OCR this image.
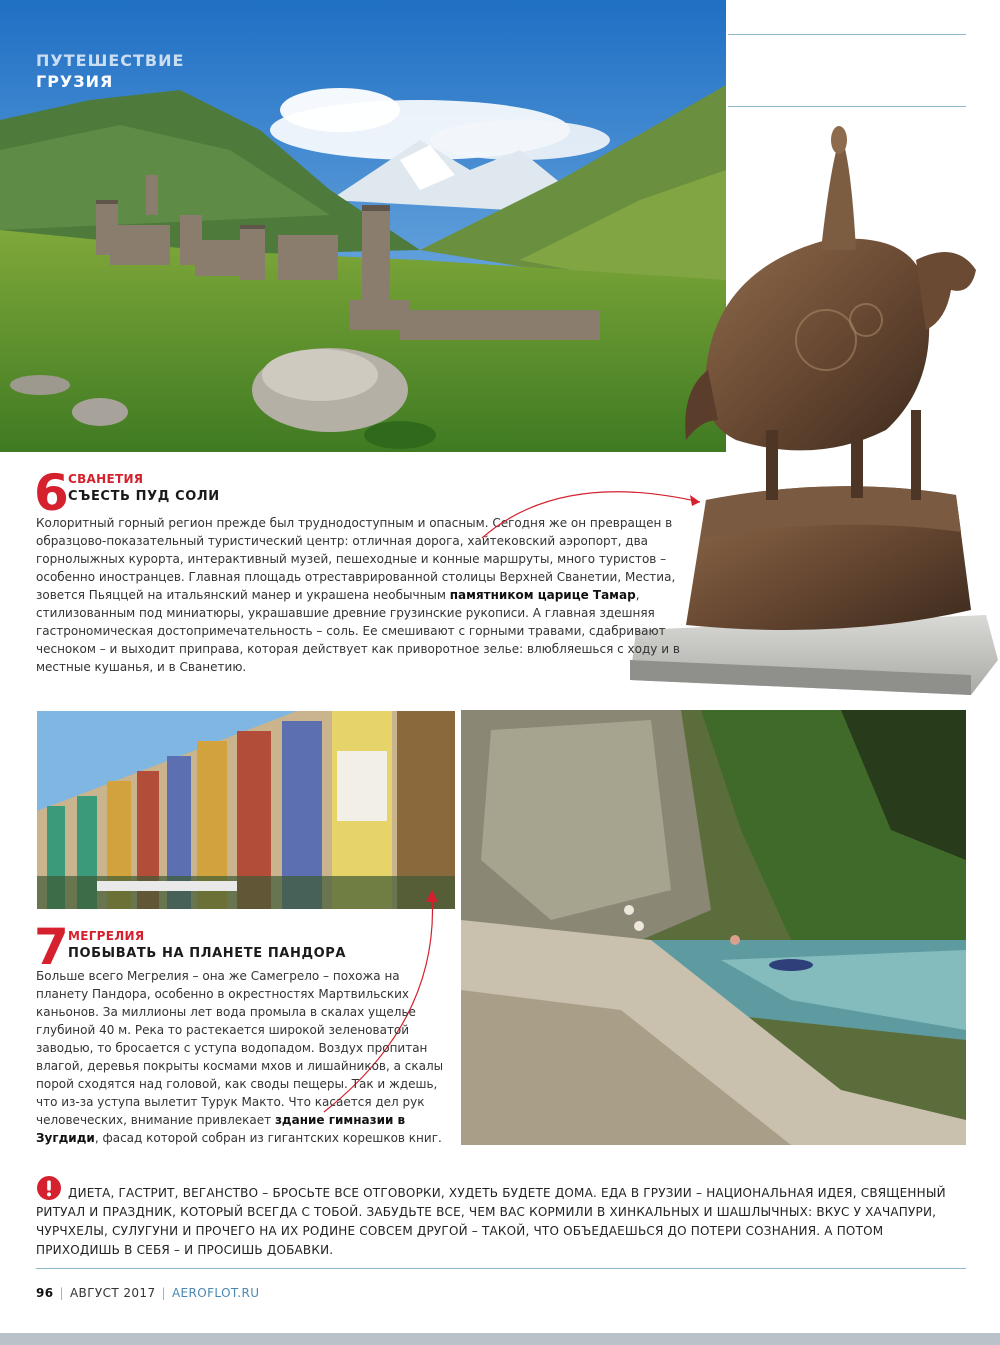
ПУТЕШЕСТВИЕ
ГРУЗИЯ
6 СВАНЕТИЯ
СЪЕСТЬ ПУД СОЛИ
Колоритный горный регион прежде был труднодоступным и опасным. Сегодня же он превращен в образцово-показательный туристический центр: отличная дорога, хайтековский аэропорт, два горнолыжных курорта, интерактивный музей, пешеходные и конные маршруты, много туристов – особенно иностранцев. Главная площадь отреставрированной столицы Верхней Сванетии, Местиа, зовется Пьяццей на итальянский манер и украшена необычным памятником царице Тамар, стилизованным под миниатюры, украшавшие древние грузинские рукописи. А главная здешняя гастрономическая достопримечательность – соль. Ее смешивают с горными травами, сдабривают чесноком – и выходит приправа, которая действует как приворотное зелье: влюбляешься с ходу и в местные кушанья, и в Сванетию.
7 МЕГРЕЛИЯ
ПОБЫВАТЬ НА ПЛАНЕТЕ ПАНДОРА
Больше всего Мегрелия – она же Самегрело – похожа на планету Пандора, особенно в окрестностях Мартвильских каньонов. За миллионы лет вода промыла в скалах ущелье глубиной 40 м. Река то растекается широкой зеленоватой заводью, то бросается с уступа водопадом. Воздух пропитан влагой, деревья покрыты космами мхов и лишайников, а скалы порой сходятся над головой, как своды пещеры. Так и ждешь, что из-за уступа вылетит Турук Макто. Что касается дел рук человеческих, внимание привлекает здание гимназии в Зугдиди, фасад которой собран из гигантских корешков книг.
ДИЕТА, ГАСТРИТ, ВЕГАНСТВО – БРОСЬТЕ ВСЕ ОТГОВОРКИ, ХУДЕТЬ БУДЕТЕ ДОМА. ЕДА В ГРУЗИИ – НАЦИОНАЛЬНАЯ ИДЕЯ, СВЯЩЕННЫЙ РИТУАЛ И ПРАЗДНИК, КОТОРЫЙ ВСЕГДА С ТОБОЙ. ЗАБУДЬТЕ ВСЕ, ЧЕМ ВАС КОРМИЛИ В ХИНКАЛЬНЫХ И ШАШЛЫЧНЫХ: ВКУС У ХАЧАПУРИ, ЧУРЧХЕЛЫ, СУЛУГУНИ И ПРОЧЕГО НА ИХ РОДИНЕ СОВСЕМ ДРУГОЙ – ТАКОЙ, ЧТО ОБЪЕДАЕШЬСЯ ДО ПОТЕРИ СОЗНАНИЯ. А ПОТОМ ПРИХОДИШЬ В СЕБЯ – И ПРОСИШЬ ДОБАВКИ.
96 | АВГУСТ 2017 | AEROFLOT.RU
